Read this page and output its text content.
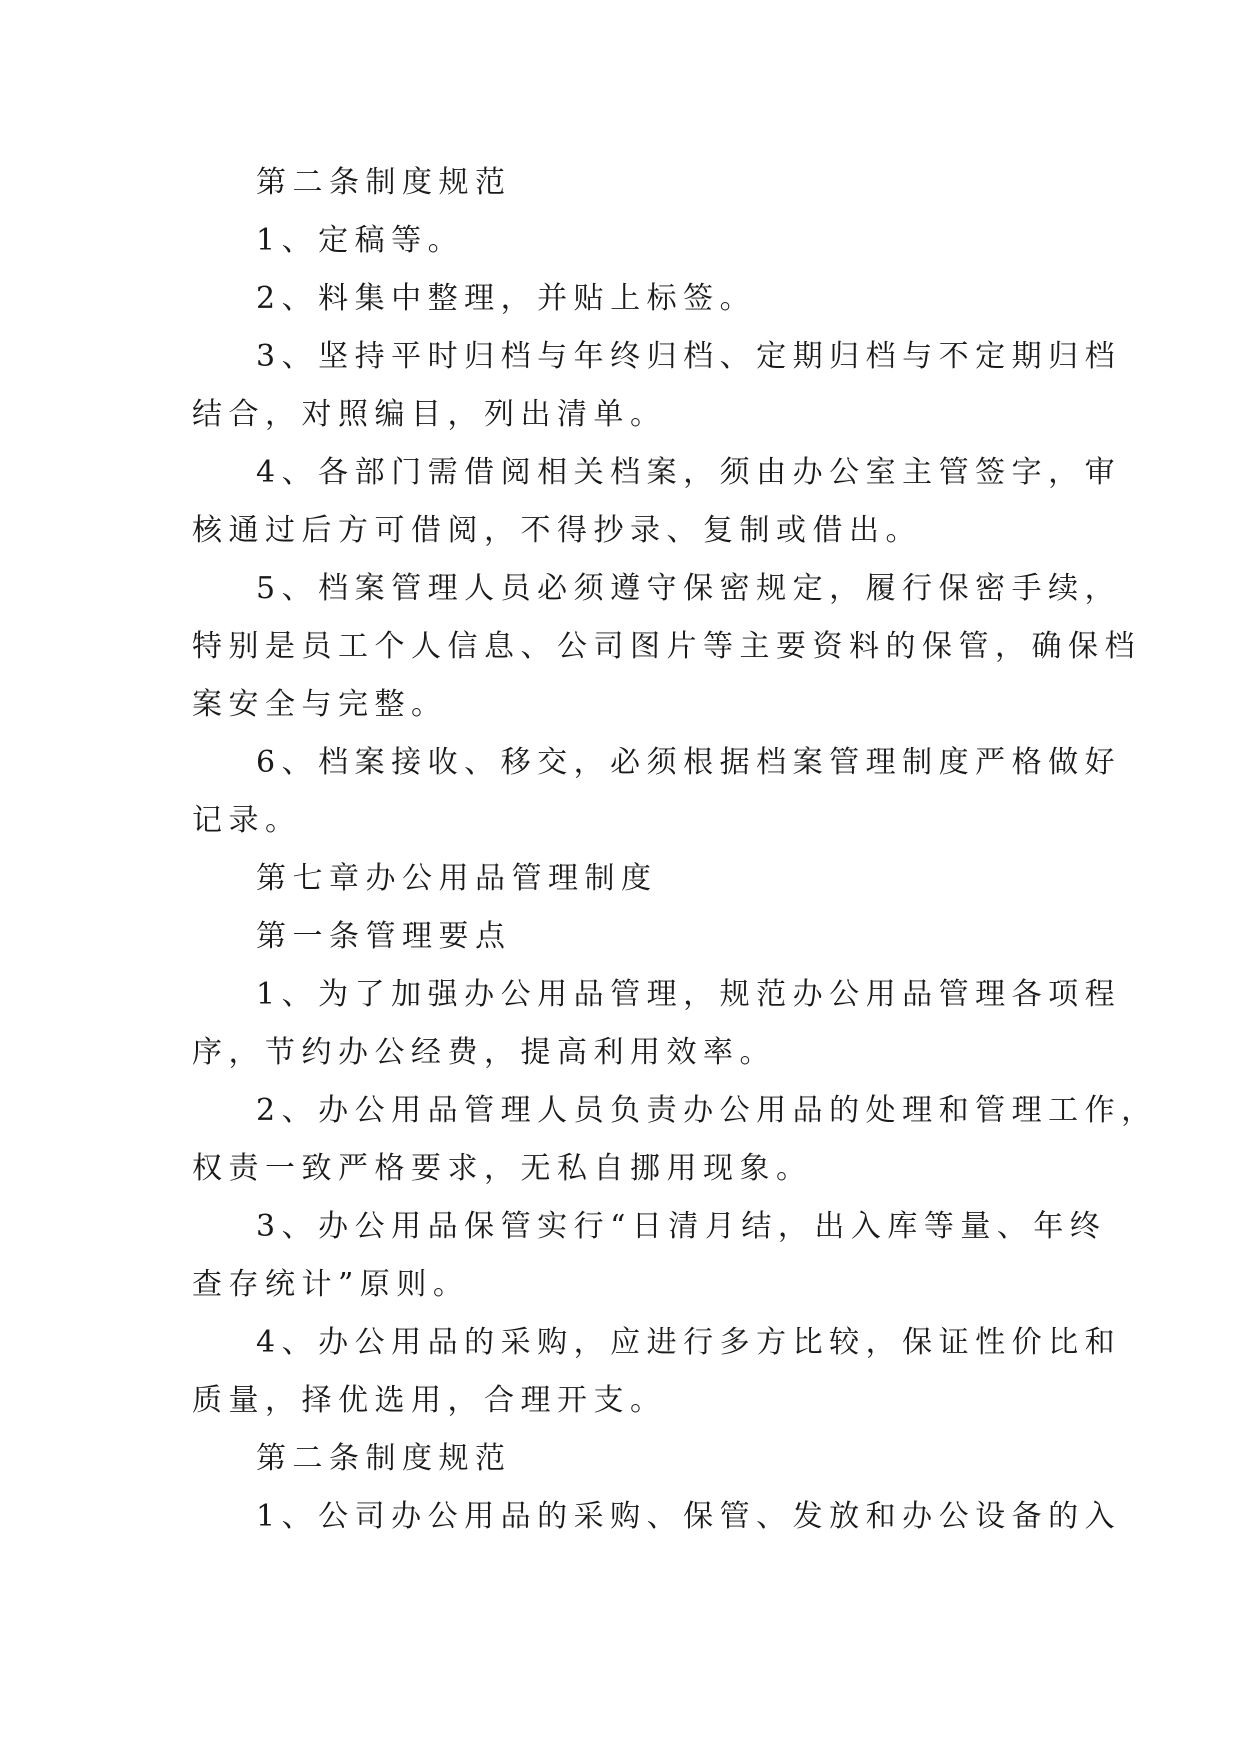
第二条制度规范
1、定稿等。
2、料集中整理，并贴上标签。
3、坚持平时归档与年终归档、定期归档与不定期归档
结合，对照编目，列出清单。
4、各部门需借阅相关档案，须由办公室主管签字，审
核通过后方可借阅，不得抄录、复制或借出。
5、档案管理人员必须遵守保密规定，履行保密手续，
特别是员工个人信息、公司图片等主要资料的保管，确保档
案安全与完整。
6、档案接收、移交，必须根据档案管理制度严格做好
记录。
第七章办公用品管理制度
第一条管理要点
1、为了加强办公用品管理，规范办公用品管理各项程
序，节约办公经费，提高利用效率。
2、办公用品管理人员负责办公用品的处理和管理工作，
权责一致严格要求，无私自挪用现象。
3、办公用品保管实行“日清月结，出入库等量、年终
查存统计”原则。
4、办公用品的采购，应进行多方比较，保证性价比和
质量，择优选用，合理开支。
第二条制度规范
1、公司办公用品的采购、保管、发放和办公设备的入
